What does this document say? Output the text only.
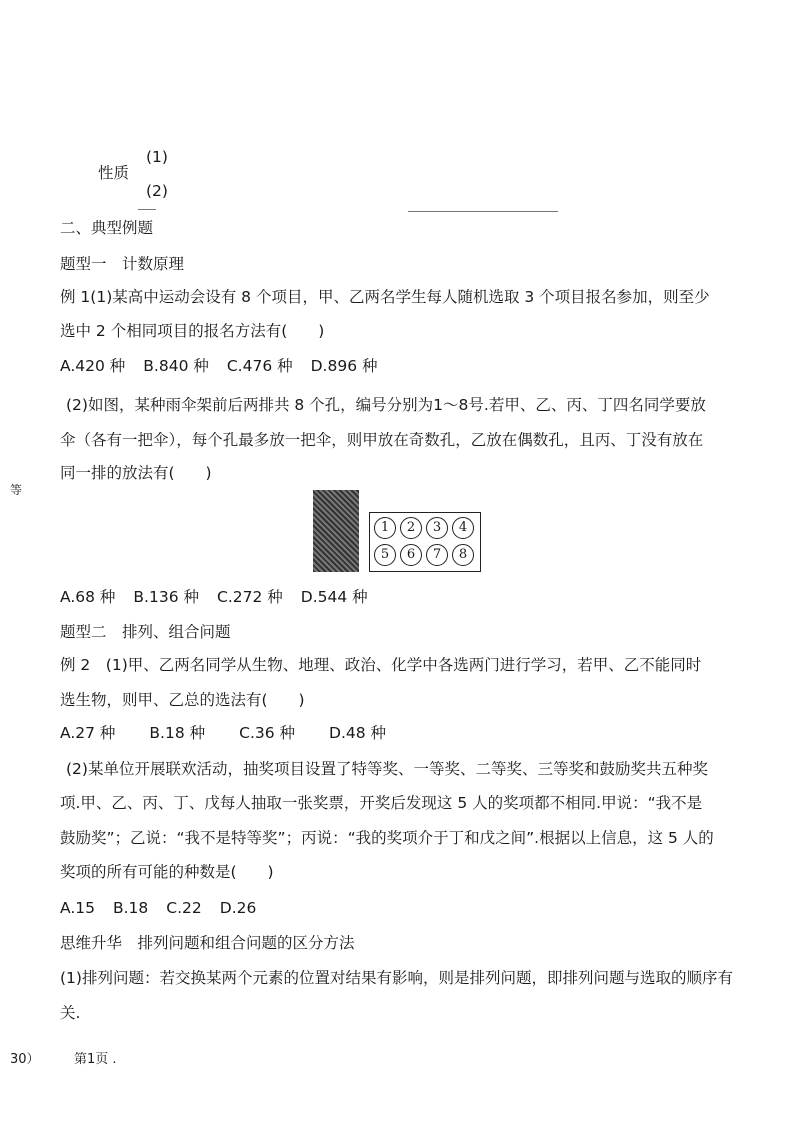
性质
(1)
(2)
二、典型例题
题型一　计数原理
例 1(1)某高中运动会设有 8 个项目，甲、乙两名学生每人随机选取 3 个项目报名参加，则至少
选中 2 个相同项目的报名方法有(　　)
A.420 种 B.840 种 C.476 种 D.896 种
(2)如图，某种雨伞架前后两排共 8 个孔，编号分别为1～8号.若甲、乙、丙、丁四名同学要放
伞（各有一把伞），每个孔最多放一把伞，则甲放在奇数孔，乙放在偶数孔，且丙、丁没有放在
同一排的放法有(　　)
等
1	2	3	4
5	6	7	8
A.68 种 B.136 种 C.272 种 D.544 种
题型二　排列、组合问题
例 2　(1)甲、乙两名同学从生物、地理、政治、化学中各选两门进行学习，若甲、乙不能同时
选生物，则甲、乙总的选法有(　　)
A.27 种 B.18 种 C.36 种 D.48 种
(2)某单位开展联欢活动，抽奖项目设置了特等奖、一等奖、二等奖、三等奖和鼓励奖共五种奖
项.甲、乙、丙、丁、戊每人抽取一张奖票，开奖后发现这 5 人的奖项都不相同.甲说：“我不是
鼓励奖”；乙说：“我不是特等奖”；丙说：“我的奖项介于丁和戊之间”.根据以上信息，这 5 人的
奖项的所有可能的种数是(　　)
A.15 B.18 C.22 D.26
思维升华　排列问题和组合问题的区分方法
(1)排列问题：若交换某两个元素的位置对结果有影响，则是排列问题，即排列问题与选取的顺序有
关.
30）	第1页 .
